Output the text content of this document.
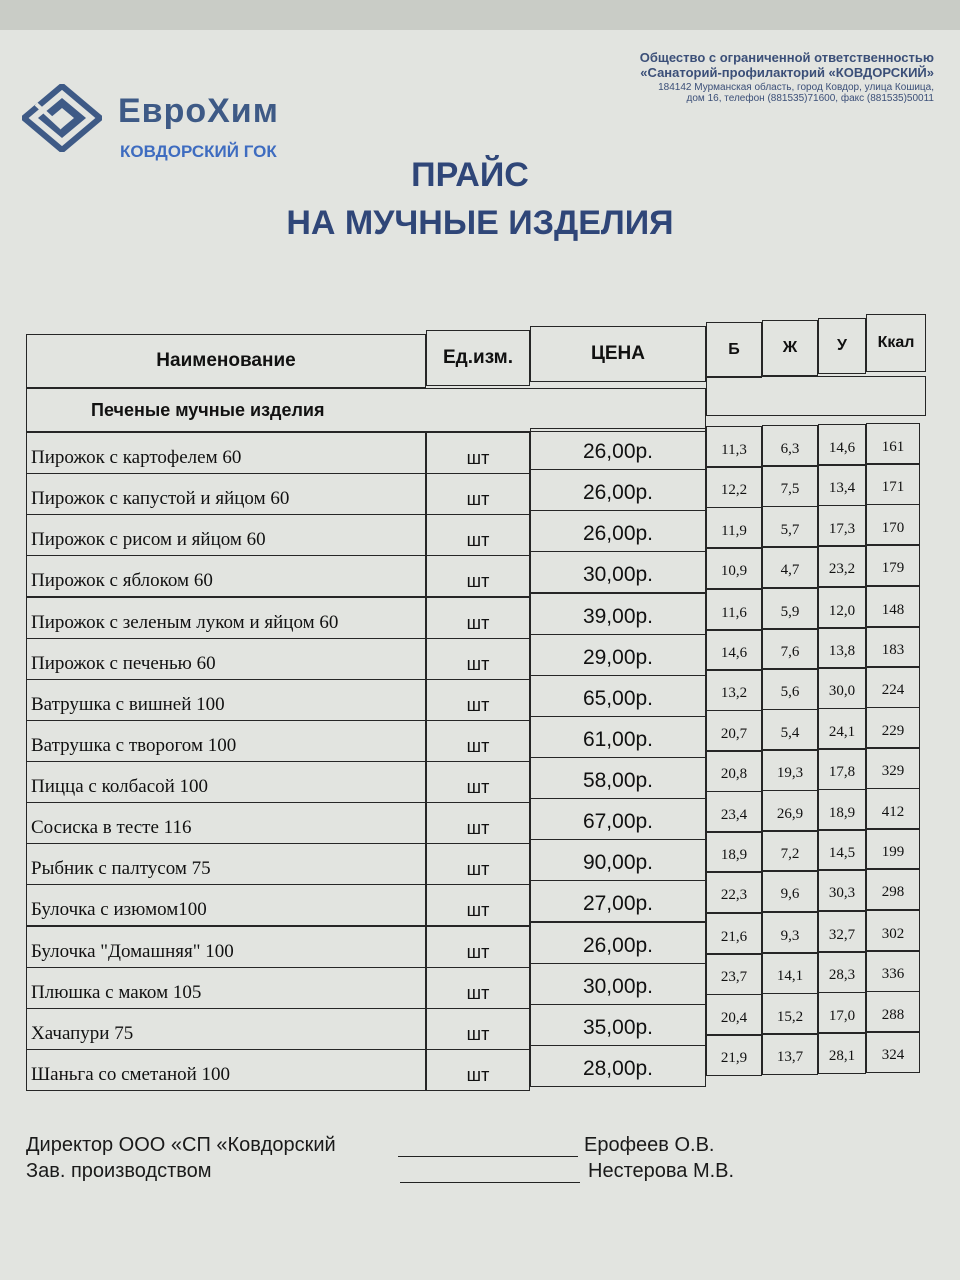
ЕвроХим
КОВДОРСКИЙ ГОК
Общество с ограниченной ответственностью
«Санаторий-профилакторий «КОВДОРСКИЙ»
184142 Мурманская область, город Ковдор, улица Кошица,
дом 16, телефон (881535)71600, факс (881535)50011
ПРАЙС
НА МУЧНЫЕ ИЗДЕЛИЯ
Наименование	Ед.изм.	ЦЕНА	Б	Ж	У	Ккал
Печеные мучные изделия
Пирожок с картофелем 60	шт	26,00р.	11,3	6,3	14,6	161
Пирожок с капустой и яйцом 60	шт	26,00р.	12,2	7,5	13,4	171
Пирожок с рисом и яйцом 60	шт	26,00р.	11,9	5,7	17,3	170
Пирожок с яблоком 60	шт	30,00р.	10,9	4,7	23,2	179
Пирожок с зеленым луком и яйцом 60	шт	39,00р.	11,6	5,9	12,0	148
Пирожок с печенью 60	шт	29,00р.	14,6	7,6	13,8	183
Ватрушка с вишней 100	шт	65,00р.	13,2	5,6	30,0	224
Ватрушка с творогом 100	шт	61,00р.	20,7	5,4	24,1	229
Пицца с колбасой 100	шт	58,00р.	20,8	19,3	17,8	329
Сосиска в тесте 116	шт	67,00р.	23,4	26,9	18,9	412
Рыбник с палтусом 75	шт	90,00р.	18,9	7,2	14,5	199
Булочка с изюмом100	шт	27,00р.	22,3	9,6	30,3	298
Булочка "Домашняя" 100	шт	26,00р.	21,6	9,3	32,7	302
Плюшка с маком 105	шт	30,00р.	23,7	14,1	28,3	336
Хачапури 75	шт	35,00р.	20,4	15,2	17,0	288
Шаньга со сметаной 100	шт	28,00р.	21,9	13,7	28,1	324
Директор ООО «СП «Ковдорский	Ерофеев О.В.
Зав. производством	Нестерова М.В.
